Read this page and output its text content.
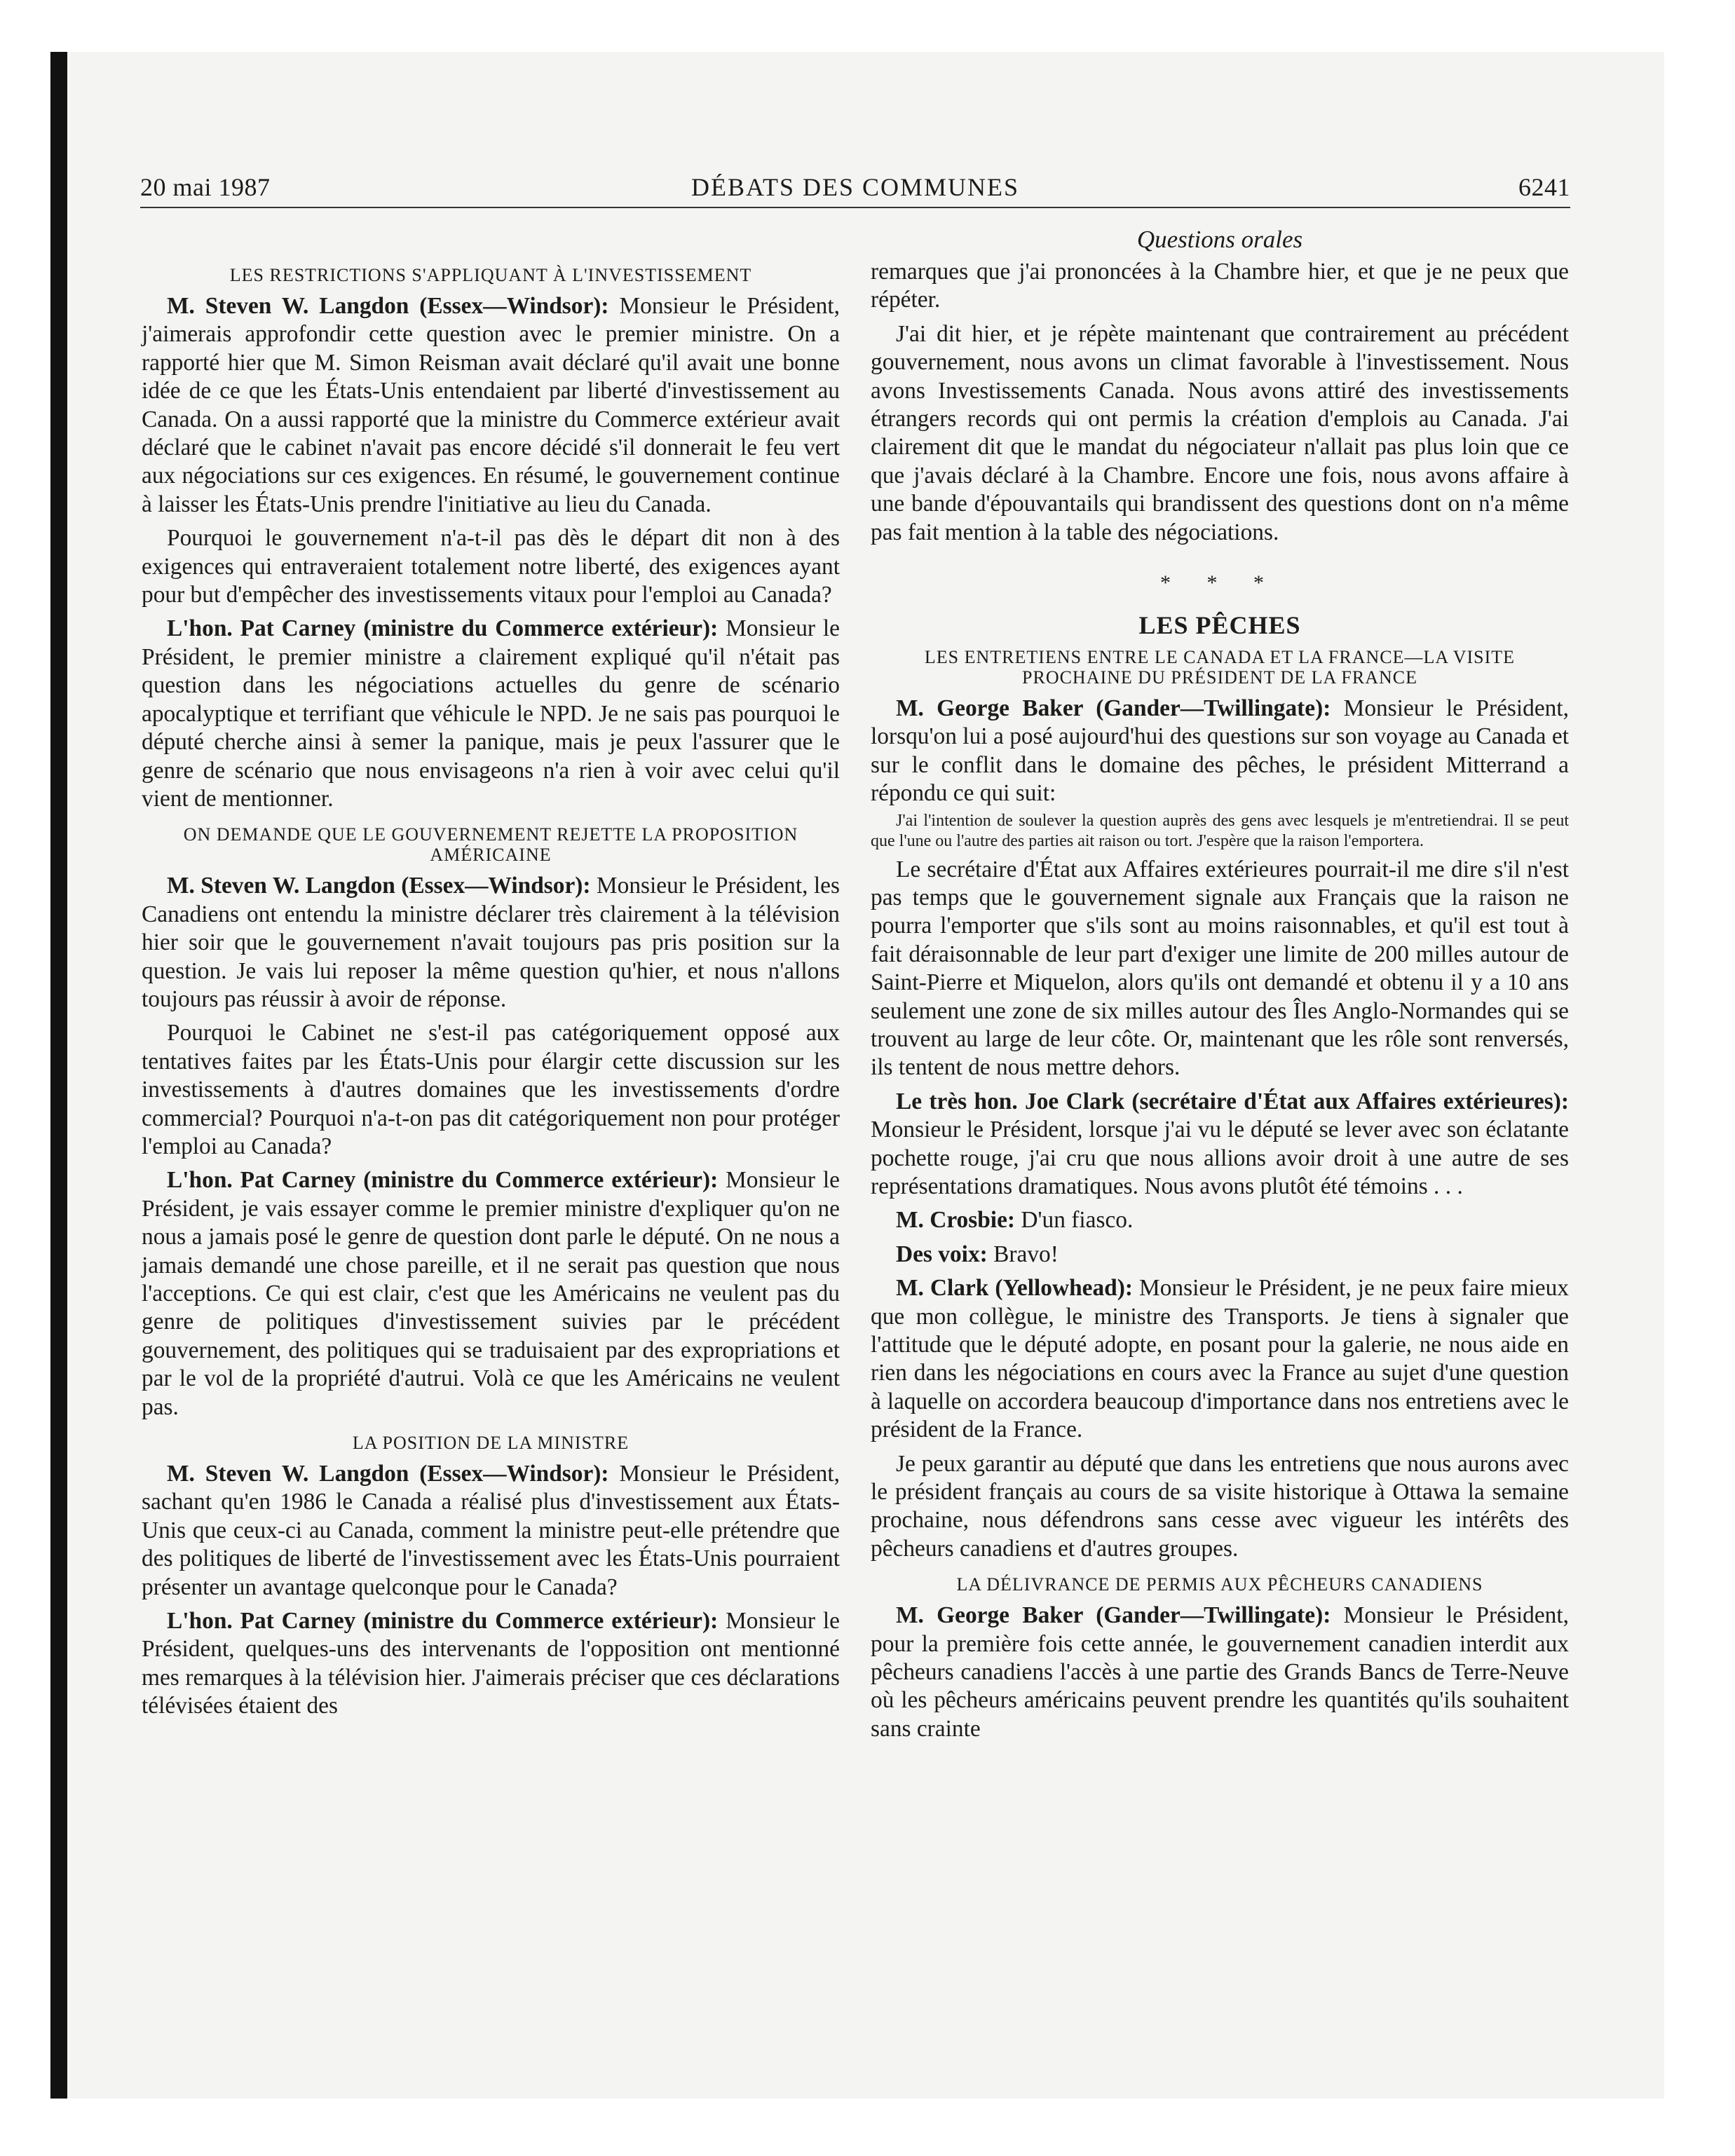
20 mai 1987	DÉBATS DES COMMUNES	6241
LES RESTRICTIONS S'APPLIQUANT À L'INVESTISSEMENT

M. Steven W. Langdon (Essex—Windsor): Monsieur le Président, j'aimerais approfondir cette question avec le premier ministre. On a rapporté hier que M. Simon Reisman avait déclaré qu'il avait une bonne idée de ce que les États-Unis entendaient par liberté d'investissement au Canada. On a aussi rapporté que la ministre du Commerce extérieur avait déclaré que le cabinet n'avait pas encore décidé s'il donnerait le feu vert aux négociations sur ces exigences. En résumé, le gouvernement continue à laisser les États-Unis prendre l'initiative au lieu du Canada.

Pourquoi le gouvernement n'a-t-il pas dès le départ dit non à des exigences qui entraveraient totalement notre liberté, des exigences ayant pour but d'empêcher des investissements vitaux pour l'emploi au Canada?

L'hon. Pat Carney (ministre du Commerce extérieur): Monsieur le Président, le premier ministre a clairement expliqué qu'il n'était pas question dans les négociations actuelles du genre de scénario apocalyptique et terrifiant que véhicule le NPD. Je ne sais pas pourquoi le député cherche ainsi à semer la panique, mais je peux l'assurer que le genre de scénario que nous envisageons n'a rien à voir avec celui qu'il vient de mentionner.

ON DEMANDE QUE LE GOUVERNEMENT REJETTE LA PROPOSITION AMÉRICAINE

M. Steven W. Langdon (Essex—Windsor): Monsieur le Président, les Canadiens ont entendu la ministre déclarer très clairement à la télévision hier soir que le gouvernement n'avait toujours pas pris position sur la question. Je vais lui reposer la même question qu'hier, et nous n'allons toujours pas réussir à avoir de réponse.

Pourquoi le Cabinet ne s'est-il pas catégoriquement opposé aux tentatives faites par les États-Unis pour élargir cette discussion sur les investissements à d'autres domaines que les investissements d'ordre commercial? Pourquoi n'a-t-on pas dit catégoriquement non pour protéger l'emploi au Canada?

L'hon. Pat Carney (ministre du Commerce extérieur): Monsieur le Président, je vais essayer comme le premier ministre d'expliquer qu'on ne nous a jamais posé le genre de question dont parle le député. On ne nous a jamais demandé une chose pareille, et il ne serait pas question que nous l'acceptions. Ce qui est clair, c'est que les Américains ne veulent pas du genre de politiques d'investissement suivies par le précédent gouvernement, des politiques qui se traduisaient par des expropriations et par le vol de la propriété d'autrui. Volà ce que les Américains ne veulent pas.

LA POSITION DE LA MINISTRE

M. Steven W. Langdon (Essex—Windsor): Monsieur le Président, sachant qu'en 1986 le Canada a réalisé plus d'investissement aux États-Unis que ceux-ci au Canada, comment la ministre peut-elle prétendre que des politiques de liberté de l'investissement avec les États-Unis pourraient présenter un avantage quelconque pour le Canada?

L'hon. Pat Carney (ministre du Commerce extérieur): Monsieur le Président, quelques-uns des intervenants de l'opposition ont mentionné mes remarques à la télévision hier. J'aimerais préciser que ces déclarations télévisées étaient des

Questions orales

remarques que j'ai prononcées à la Chambre hier, et que je ne peux que répéter.

J'ai dit hier, et je répète maintenant que contrairement au précédent gouvernement, nous avons un climat favorable à l'investissement. Nous avons Investissements Canada. Nous avons attiré des investissements étrangers records qui ont permis la création d'emplois au Canada. J'ai clairement dit que le mandat du négociateur n'allait pas plus loin que ce que j'avais déclaré à la Chambre. Encore une fois, nous avons affaire à une bande d'épouvantails qui brandissent des questions dont on n'a même pas fait mention à la table des négociations.

* * *
LES PÊCHES
LES ENTRETIENS ENTRE LE CANADA ET LA FRANCE—LA VISITE PROCHAINE DU PRÉSIDENT DE LA FRANCE

M. George Baker (Gander—Twillingate): Monsieur le Président, lorsqu'on lui a posé aujourd'hui des questions sur son voyage au Canada et sur le conflit dans le domaine des pêches, le président Mitterrand a répondu ce qui suit:

J'ai l'intention de soulever la question auprès des gens avec lesquels je m'entretiendrai. Il se peut que l'une ou l'autre des parties ait raison ou tort. J'espère que la raison l'emportera.

Le secrétaire d'État aux Affaires extérieures pourrait-il me dire s'il n'est pas temps que le gouvernement signale aux Français que la raison ne pourra l'emporter que s'ils sont au moins raisonnables, et qu'il est tout à fait déraisonnable de leur part d'exiger une limite de 200 milles autour de Saint-Pierre et Miquelon, alors qu'ils ont demandé et obtenu il y a 10 ans seulement une zone de six milles autour des Îles Anglo-Normandes qui se trouvent au large de leur côte. Or, maintenant que les rôle sont renversés, ils tentent de nous mettre dehors.

Le très hon. Joe Clark (secrétaire d'État aux Affaires extérieures): Monsieur le Président, lorsque j'ai vu le député se lever avec son éclatante pochette rouge, j'ai cru que nous allions avoir droit à une autre de ses représentations dramatiques. Nous avons plutôt été témoins . . .

M. Crosbie: D'un fiasco.

Des voix: Bravo!

M. Clark (Yellowhead): Monsieur le Président, je ne peux faire mieux que mon collègue, le ministre des Transports. Je tiens à signaler que l'attitude que le député adopte, en posant pour la galerie, ne nous aide en rien dans les négociations en cours avec la France au sujet d'une question à laquelle on accordera beaucoup d'importance dans nos entretiens avec le président de la France.

Je peux garantir au député que dans les entretiens que nous aurons avec le président français au cours de sa visite historique à Ottawa la semaine prochaine, nous défendrons sans cesse avec vigueur les intérêts des pêcheurs canadiens et d'autres groupes.

LA DÉLIVRANCE DE PERMIS AUX PÊCHEURS CANADIENS

M. George Baker (Gander—Twillingate): Monsieur le Président, pour la première fois cette année, le gouvernement canadien interdit aux pêcheurs canadiens l'accès à une partie des Grands Bancs de Terre-Neuve où les pêcheurs américains peuvent prendre les quantités qu'ils souhaitent sans crainte
